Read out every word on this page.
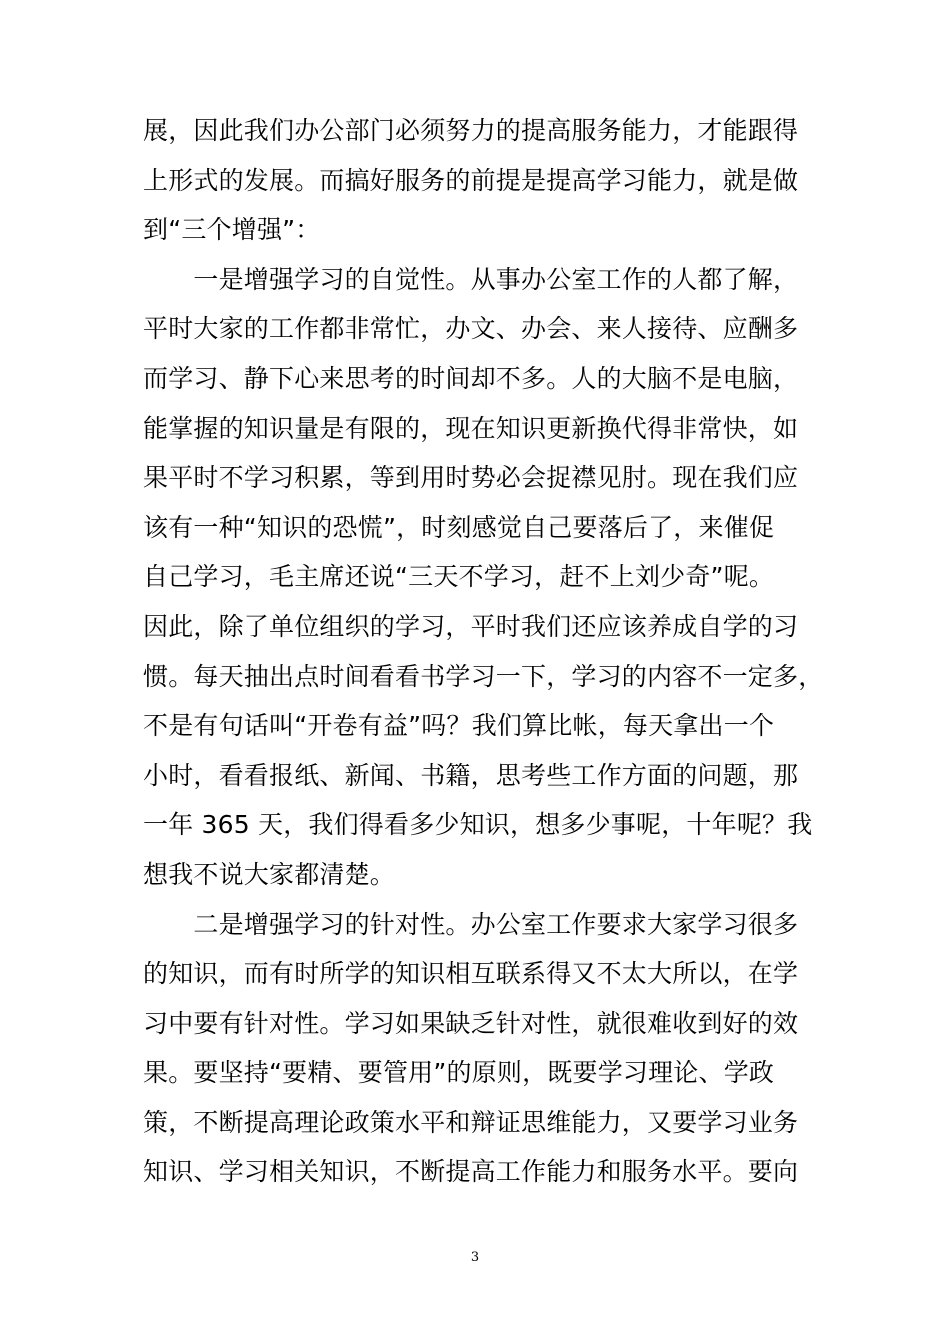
展，因此我们办公部门必须努力的提高服务能力，才能跟得
上形式的发展。而搞好服务的前提是提高学习能力，就是做
到“三个增强”：
　　一是增强学习的自觉性。从事办公室工作的人都了解，
平时大家的工作都非常忙，办文、办会、来人接待、应酬多
而学习、静下心来思考的时间却不多。人的大脑不是电脑，
能掌握的知识量是有限的，现在知识更新换代得非常快，如
果平时不学习积累，等到用时势必会捉襟见肘。现在我们应
该有一种“知识的恐慌”，时刻感觉自己要落后了，来催促
自己学习，毛主席还说“三天不学习，赶不上刘少奇”呢。
因此，除了单位组织的学习，平时我们还应该养成自学的习
惯。每天抽出点时间看看书学习一下，学习的内容不一定多，
不是有句话叫“开卷有益”吗？我们算比帐，每天拿出一个
小时，看看报纸、新闻、书籍，思考些工作方面的问题，那
一年 365 天，我们得看多少知识，想多少事呢，十年呢？我
想我不说大家都清楚。
　　二是增强学习的针对性。办公室工作要求大家学习很多
的知识，而有时所学的知识相互联系得又不太大所以，在学
习中要有针对性。学习如果缺乏针对性，就很难收到好的效
果。要坚持“要精、要管用”的原则，既要学习理论、学政
策，不断提高理论政策水平和辩证思维能力，又要学习业务
知识、学习相关知识，不断提高工作能力和服务水平。要向
3
